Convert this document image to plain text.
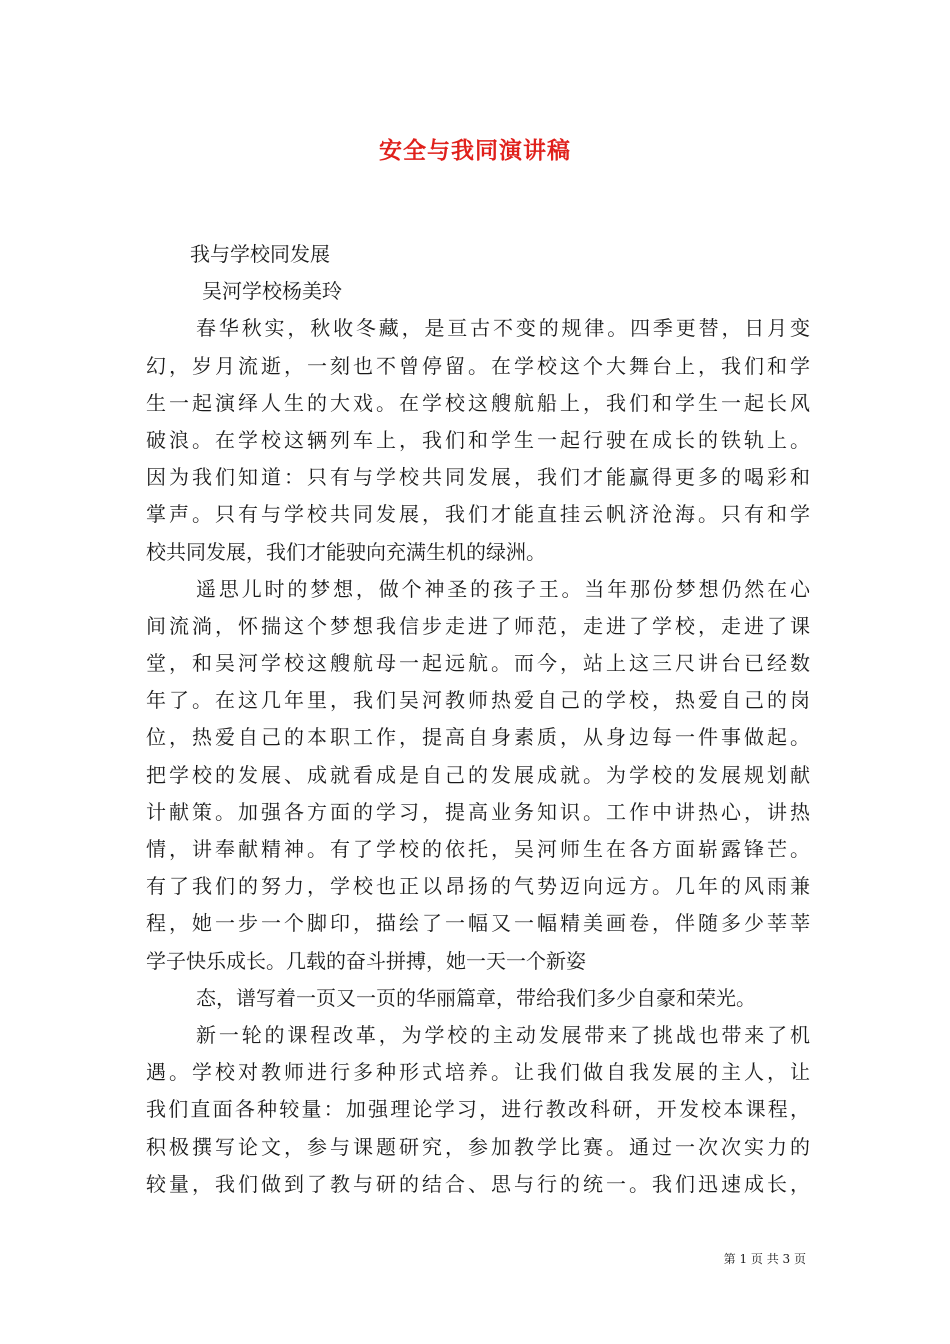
安全与我同演讲稿
我与学校同发展
吴河学校杨美玲
春华秋实，秋收冬藏，是亘古不变的规律。四季更替，日月变
幻，岁月流逝，一刻也不曾停留。在学校这个大舞台上，我们和学
生一起演绎人生的大戏。在学校这艘航船上，我们和学生一起长风
破浪。在学校这辆列车上，我们和学生一起行驶在成长的铁轨上。
因为我们知道：只有与学校共同发展，我们才能赢得更多的喝彩和
掌声。只有与学校共同发展，我们才能直挂云帆济沧海。只有和学
校共同发展，我们才能驶向充满生机的绿洲。
遥思儿时的梦想，做个神圣的孩子王。当年那份梦想仍然在心
间流淌，怀揣这个梦想我信步走进了师范，走进了学校，走进了课
堂，和吴河学校这艘航母一起远航。而今，站上这三尺讲台已经数
年了。在这几年里，我们吴河教师热爱自己的学校，热爱自己的岗
位，热爱自己的本职工作，提高自身素质，从身边每一件事做起。
把学校的发展、成就看成是自己的发展成就。为学校的发展规划献
计献策。加强各方面的学习，提高业务知识。工作中讲热心，讲热
情，讲奉献精神。有了学校的依托，吴河师生在各方面崭露锋芒。
有了我们的努力，学校也正以昂扬的气势迈向远方。几年的风雨兼
程，她一步一个脚印，描绘了一幅又一幅精美画卷，伴随多少莘莘
学子快乐成长。几载的奋斗拼搏，她一天一个新姿
态，谱写着一页又一页的华丽篇章，带给我们多少自豪和荣光。
新一轮的课程改革，为学校的主动发展带来了挑战也带来了机
遇。学校对教师进行多种形式培养。让我们做自我发展的主人，让
我们直面各种较量：加强理论学习，进行教改科研，开发校本课程，
积极撰写论文，参与课题研究，参加教学比赛。通过一次次实力的
较量，我们做到了教与研的结合、思与行的统一。我们迅速成长，
第 1 页 共 3 页
